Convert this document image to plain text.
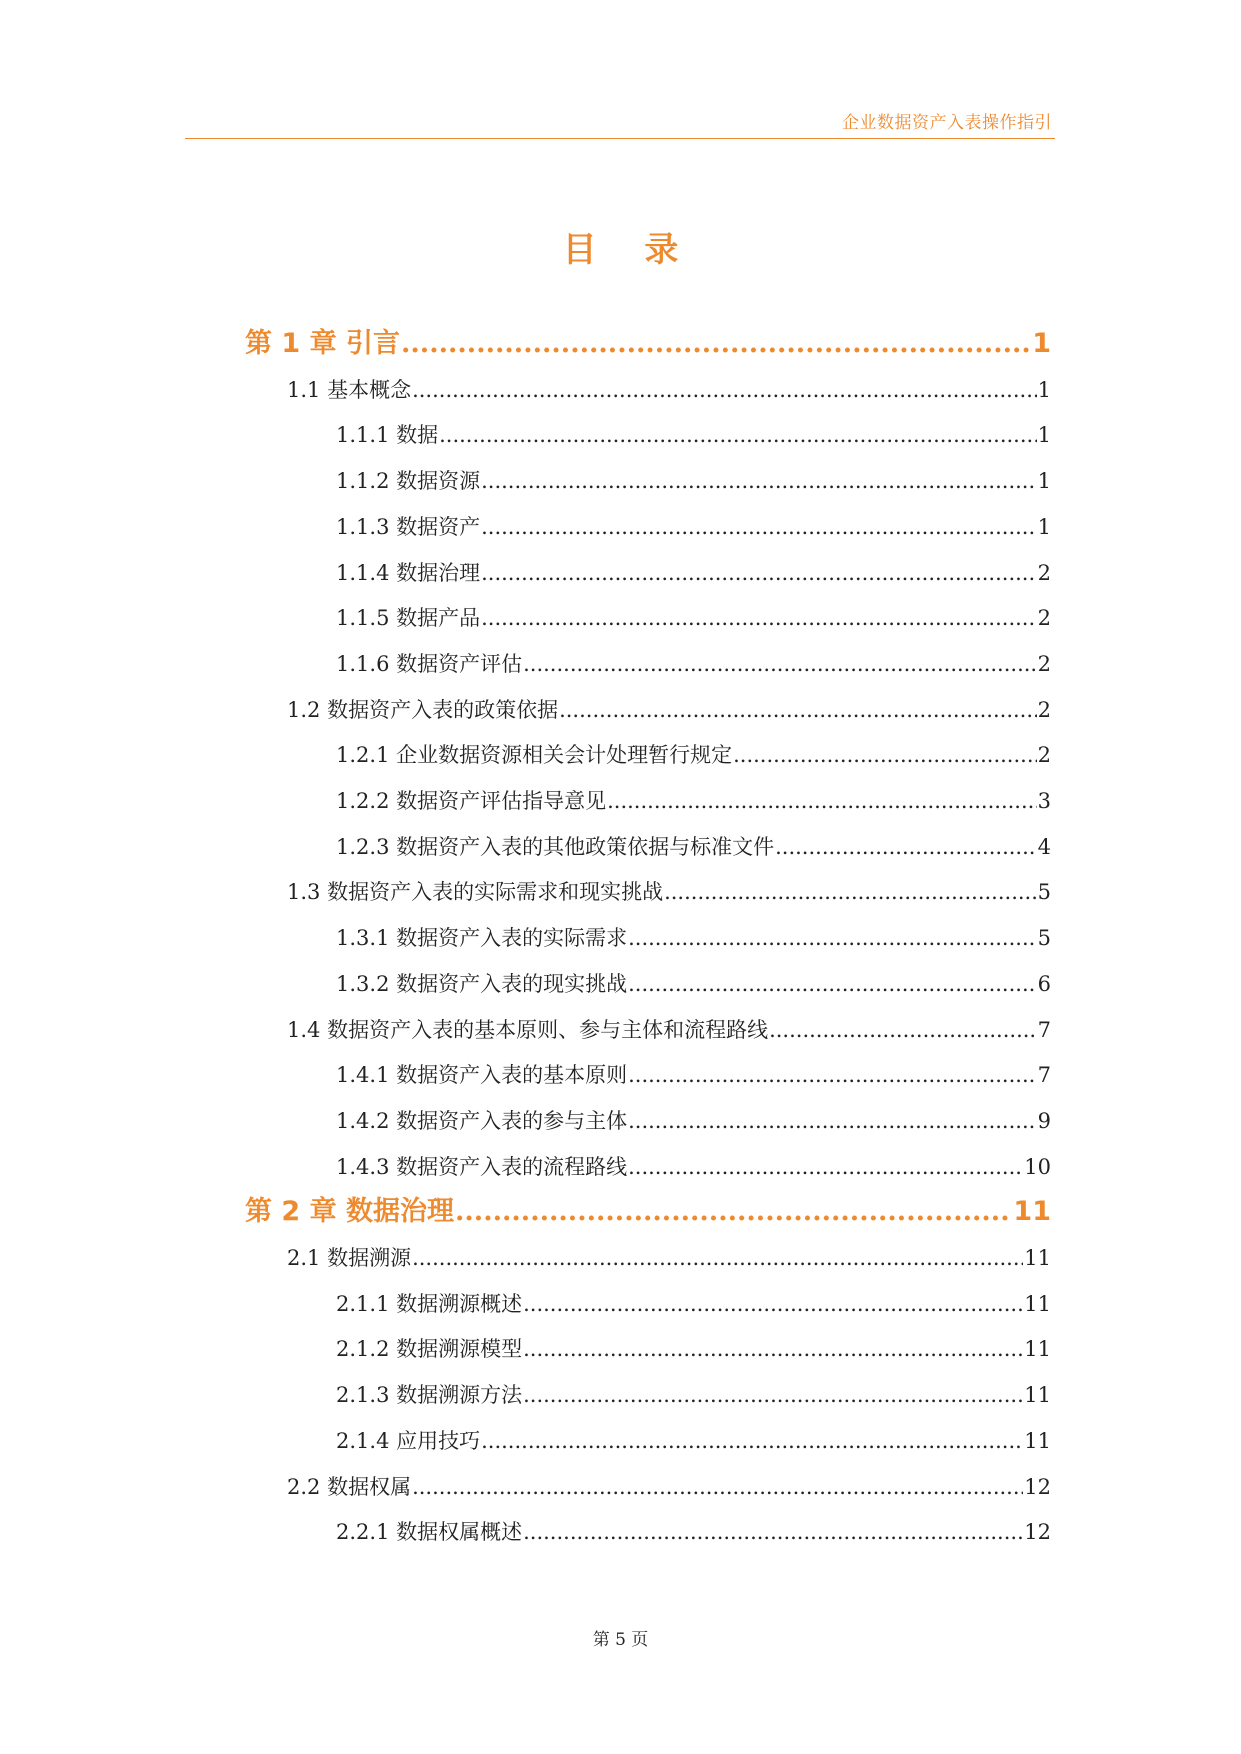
企业数据资产入表操作指引
目 录
第 1 章 引言 .....	1
1.1 基本概念 .....	1
1.1.1 数据 .....	1
1.1.2 数据资源 .....	1
1.1.3 数据资产 .....	1
1.1.4 数据治理 .....	2
1.1.5 数据产品 .....	2
1.1.6 数据资产评估 .....	2
1.2 数据资产入表的政策依据 .....	2
1.2.1 企业数据资源相关会计处理暂行规定 .....	2
1.2.2 数据资产评估指导意见 .....	3
1.2.3 数据资产入表的其他政策依据与标准文件 .....	4
1.3 数据资产入表的实际需求和现实挑战 .....	5
1.3.1 数据资产入表的实际需求 .....	5
1.3.2 数据资产入表的现实挑战 .....	6
1.4 数据资产入表的基本原则、参与主体和流程路线 .....	7
1.4.1 数据资产入表的基本原则 .....	7
1.4.2 数据资产入表的参与主体 .....	9
1.4.3 数据资产入表的流程路线 .....	10
第 2 章 数据治理 .....	11
2.1 数据溯源 .....	11
2.1.1 数据溯源概述 .....	11
2.1.2 数据溯源模型 .....	11
2.1.3 数据溯源方法 .....	11
2.1.4 应用技巧 .....	11
2.2 数据权属 .....	12
2.2.1 数据权属概述 .....	12
第 5 页
